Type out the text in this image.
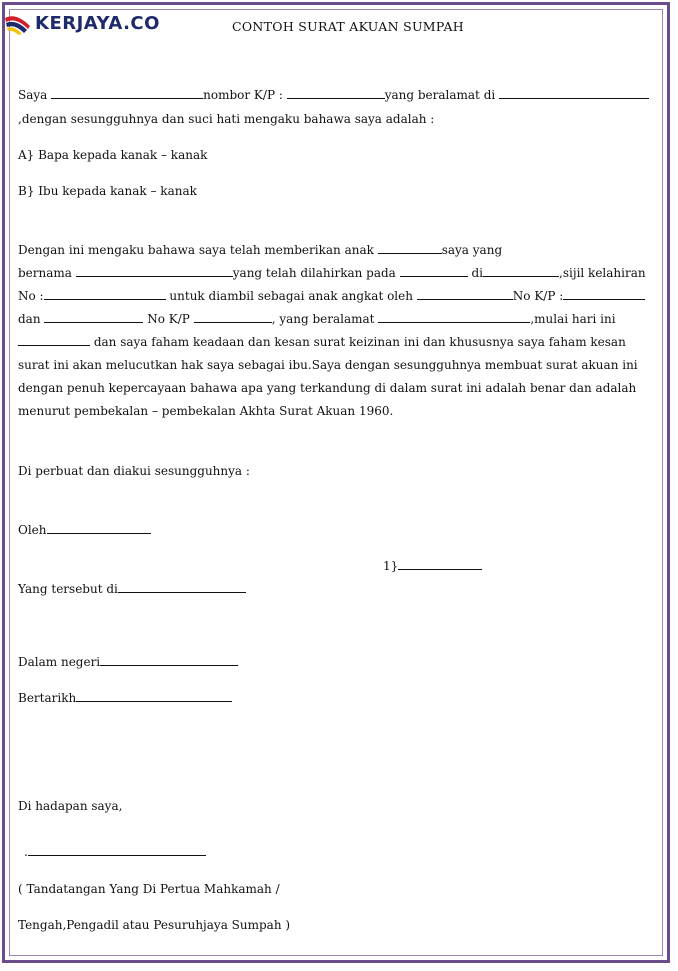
KERJAYA.CO	CONTOH SURAT AKUAN SUMPAH
Saya	nombor K/P :	yang beralamat di
,dengan sesungguhnya dan suci hati mengaku bahawa saya adalah :
A} Bapa kepada kanak – kanak
B} Ibu kepada kanak – kanak
Dengan ini mengaku bahawa saya telah memberikan anak	saya yang
bernama	yang telah dilahirkan pada	di	,sijil kelahiran
No :	untuk diambil sebagai anak angkat oleh	No K/P :
dan	No K/P	, yang beralamat	,mulai hari ini
dan saya faham keadaan dan kesan surat keizinan ini dan khususnya saya faham kesan
surat ini akan melucutkan hak saya sebagai ibu.Saya dengan sesungguhnya membuat surat akuan ini
dengan penuh kepercayaan bahawa apa yang terkandung di dalam surat ini adalah benar dan adalah
menurut pembekalan – pembekalan Akhta Surat Akuan 1960.
Di perbuat dan diakui sesungguhnya :
Oleh
1}
Yang tersebut di
Dalam negeri
Bertarikh
Di hadapan saya,
.
( Tandatangan Yang Di Pertua Mahkamah /
Tengah,Pengadil atau Pesuruhjaya Sumpah )
